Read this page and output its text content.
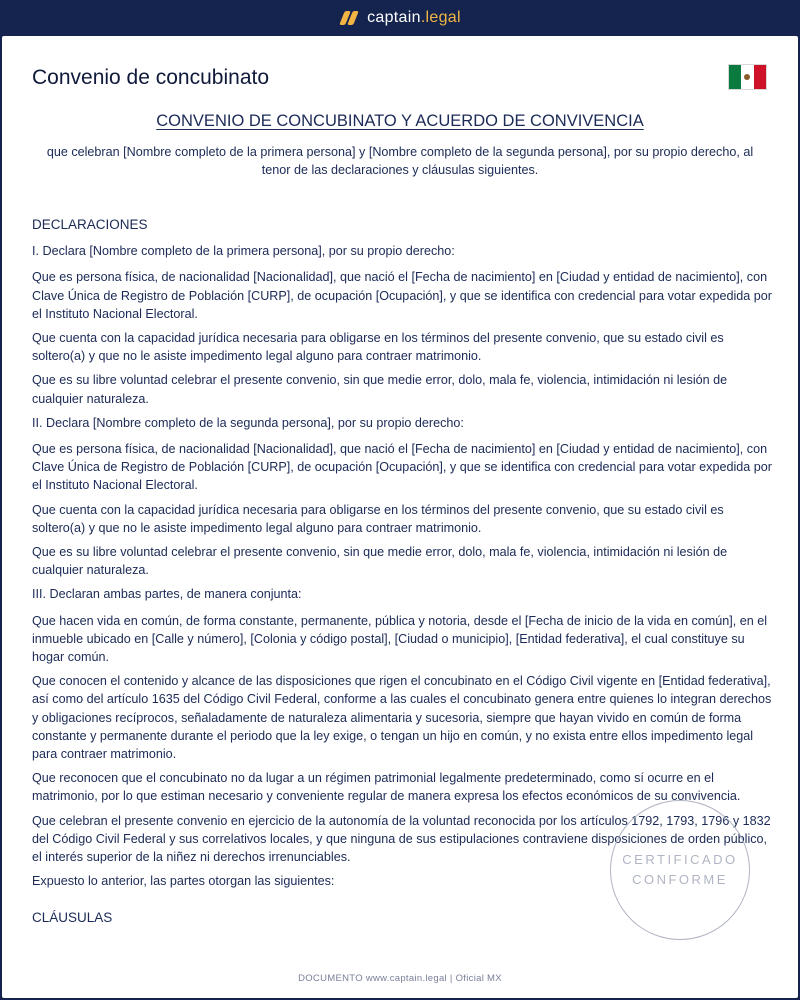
captain.legal
Convenio de concubinato
CONVENIO DE CONCUBINATO Y ACUERDO DE CONVIVENCIA
que celebran [Nombre completo de la primera persona] y [Nombre completo de la segunda persona], por su propio derecho, al tenor de las declaraciones y cláusulas siguientes.
DECLARACIONES
I. Declara [Nombre completo de la primera persona], por su propio derecho:
Que es persona física, de nacionalidad [Nacionalidad], que nació el [Fecha de nacimiento] en [Ciudad y entidad de nacimiento], con Clave Única de Registro de Población [CURP], de ocupación [Ocupación], y que se identifica con credencial para votar expedida por el Instituto Nacional Electoral.
Que cuenta con la capacidad jurídica necesaria para obligarse en los términos del presente convenio, que su estado civil es soltero(a) y que no le asiste impedimento legal alguno para contraer matrimonio.
Que es su libre voluntad celebrar el presente convenio, sin que medie error, dolo, mala fe, violencia, intimidación ni lesión de cualquier naturaleza.
II. Declara [Nombre completo de la segunda persona], por su propio derecho:
Que es persona física, de nacionalidad [Nacionalidad], que nació el [Fecha de nacimiento] en [Ciudad y entidad de nacimiento], con Clave Única de Registro de Población [CURP], de ocupación [Ocupación], y que se identifica con credencial para votar expedida por el Instituto Nacional Electoral.
Que cuenta con la capacidad jurídica necesaria para obligarse en los términos del presente convenio, que su estado civil es soltero(a) y que no le asiste impedimento legal alguno para contraer matrimonio.
Que es su libre voluntad celebrar el presente convenio, sin que medie error, dolo, mala fe, violencia, intimidación ni lesión de cualquier naturaleza.
III. Declaran ambas partes, de manera conjunta:
Que hacen vida en común, de forma constante, permanente, pública y notoria, desde el [Fecha de inicio de la vida en común], en el inmueble ubicado en [Calle y número], [Colonia y código postal], [Ciudad o municipio], [Entidad federativa], el cual constituye su hogar común.
Que conocen el contenido y alcance de las disposiciones que rigen el concubinato en el Código Civil vigente en [Entidad federativa], así como del artículo 1635 del Código Civil Federal, conforme a las cuales el concubinato genera entre quienes lo integran derechos y obligaciones recíprocos, señaladamente de naturaleza alimentaria y sucesoria, siempre que hayan vivido en común de forma constante y permanente durante el periodo que la ley exige, o tengan un hijo en común, y no exista entre ellos impedimento legal para contraer matrimonio.
Que reconocen que el concubinato no da lugar a un régimen patrimonial legalmente predeterminado, como sí ocurre en el matrimonio, por lo que estiman necesario y conveniente regular de manera expresa los efectos económicos de su convivencia.
Que celebran el presente convenio en ejercicio de la autonomía de la voluntad reconocida por los artículos 1792, 1793, 1796 y 1832 del Código Civil Federal y sus correlativos locales, y que ninguna de sus estipulaciones contraviene disposiciones de orden público, el interés superior de la niñez ni derechos irrenunciables.
Expuesto lo anterior, las partes otorgan las siguientes:
CLÁUSULAS
CERTIFICADO
CONFORME
DOCUMENTO www.captain.legal | Oficial MX
